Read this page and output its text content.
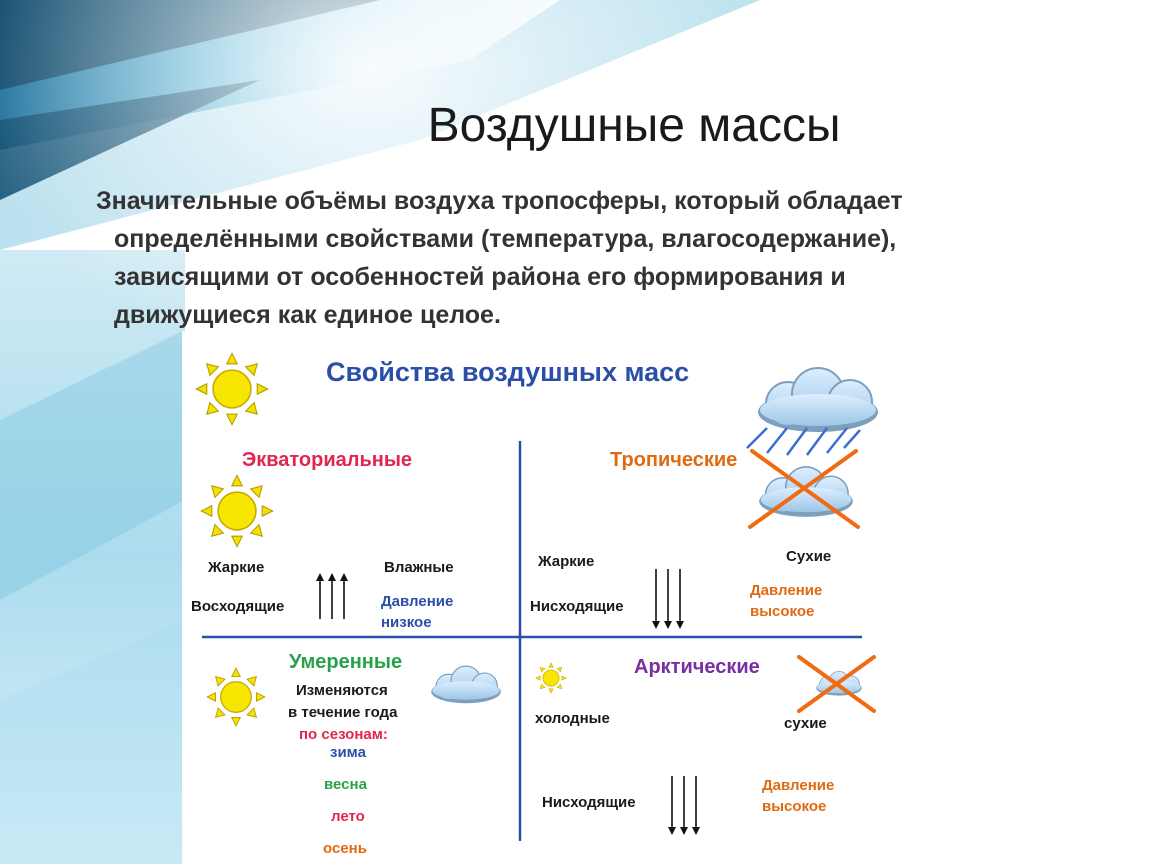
Воздушные массы
Значительные объёмы воздуха тропосферы, который обладает
определёнными свойствами (температура, влагосодержание),
зависящими от особенностей района его формирования и
движущиеся как единое целое.
Свойства воздушных масс
Экваториальные
Жаркие	Влажные
Восходящие	Давление
низкое
Тропические
Жаркие	Сухие
Нисходящие
Давление
высокое
Умеренные
Изменяются
в течение года
по сезонам:
зима
весна
лето
осень
Арктические
холодные	сухие
Нисходящие
Давление
высокое
